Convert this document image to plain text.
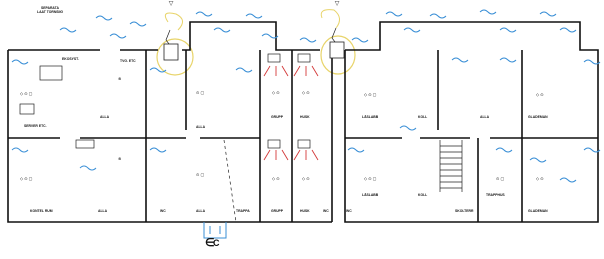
▽	▽
◇ ⊙ ▢
⊗
◇ ⊙ ▢
⊗
⊙ ▢
⊙ ▢
◇ ⊙	◇ ⊙
◇ ⊙	◇ ⊙
◇ ⊙ ▢
◇ ⊙ ▢
◇ ⊙
◇ ⊙
⊙ ▢
∈
C
SEPARATA
LAAT TORNSIIG
SERVER ETC.
EKOSYST.
KONTEL RUM	ALLA
ALLA
WC	ALLA
ALLA
TRAPPA
GRUPP	HUSK
GRUPP	HUSK	WC
LÄSLABB	KOLL	ALLA	GLADEMAN
LÄSLABB	KOLL
SKOLTERR
TRAPPHUS
GLADEMAN
WC
TVG. ETC
